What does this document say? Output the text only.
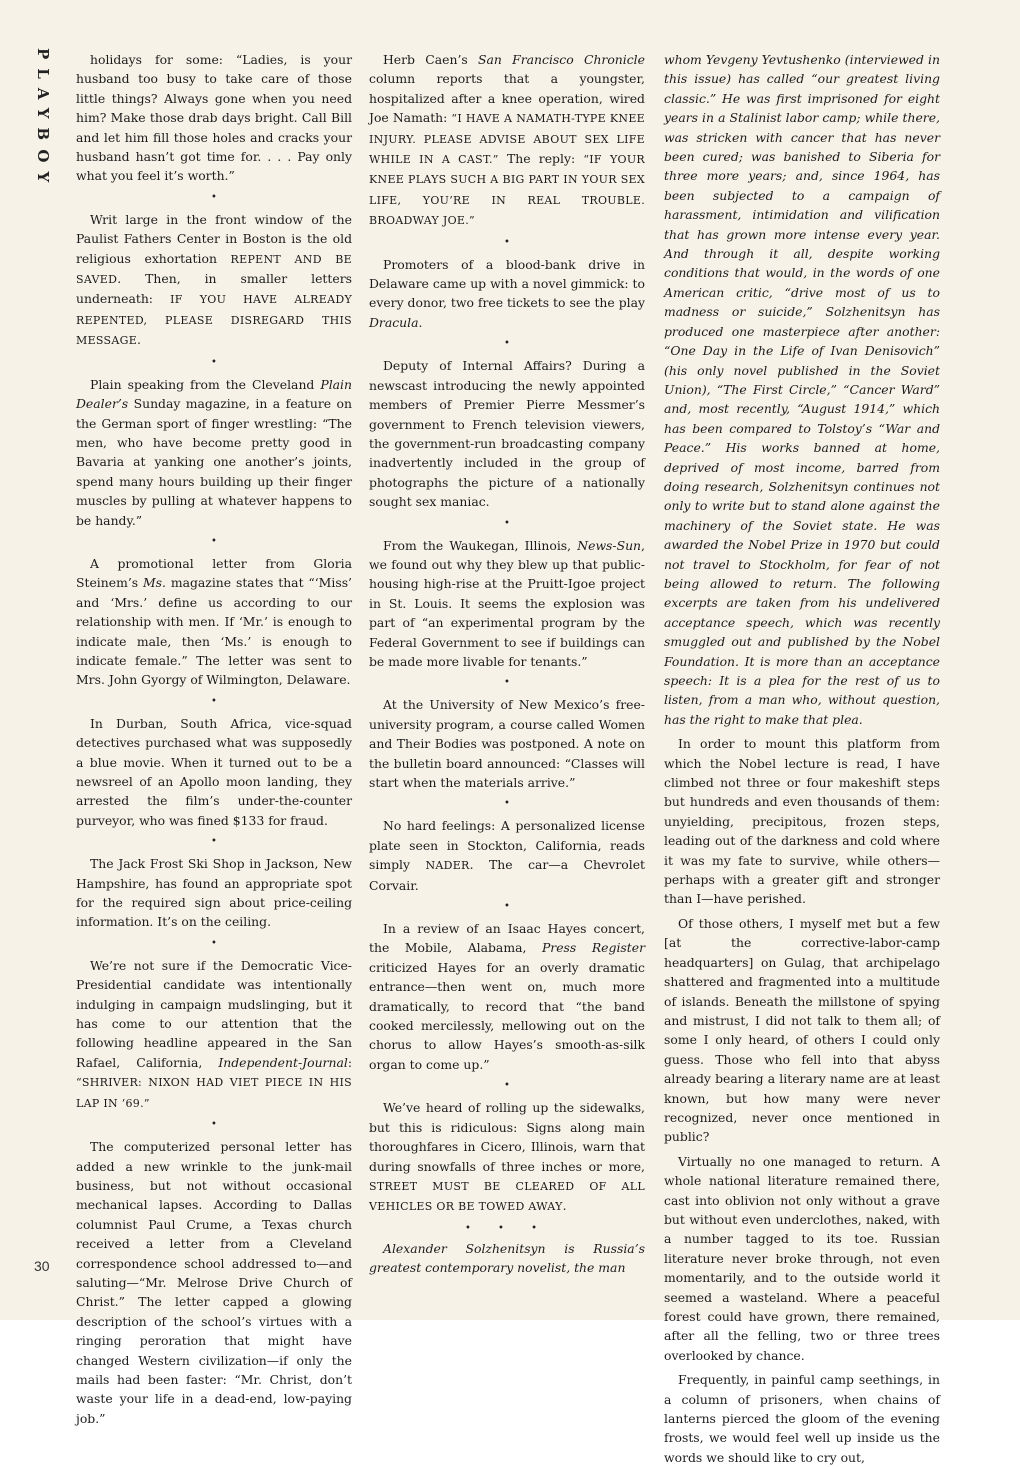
PLAYBOY	holidays for some: “Ladies, is your husband too busy to take care of those little things? Always gone when you need him? Make those drab days bright. Call Bill and let him fill those holes and cracks your husband hasn’t got time for. . . . Pay only what you feel it’s worth.”

•

Writ large in the front window of the Paulist Fathers Center in Boston is the old religious exhortation REPENT AND BE SAVED. Then, in smaller letters underneath: IF YOU HAVE ALREADY REPENTED, PLEASE DISREGARD THIS MESSAGE.

•

Plain speaking from the Cleveland Plain Dealer’s Sunday magazine, in a feature on the German sport of finger wrestling: “The men, who have become pretty good in Bavaria at yanking one another’s joints, spend many hours building up their finger muscles by pulling at whatever happens to be handy.”

•

A promotional letter from Gloria Steinem’s Ms. magazine states that “‘Miss’ and ‘Mrs.’ define us according to our relationship with men. If ‘Mr.’ is enough to indicate male, then ‘Ms.’ is enough to indicate female.” The letter was sent to Mrs. John Gyorgy of Wilmington, Delaware.

•

In Durban, South Africa, vice-squad detectives purchased what was supposedly a blue movie. When it turned out to be a newsreel of an Apollo moon landing, they arrested the film’s under-the-counter purveyor, who was fined $133 for fraud.

•

The Jack Frost Ski Shop in Jackson, New Hampshire, has found an appropriate spot for the required sign about price-ceiling information. It’s on the ceiling.

•

We’re not sure if the Democratic Vice-Presidential candidate was intentionally indulging in campaign mudslinging, but it has come to our attention that the following headline appeared in the San Rafael, California, Independent-Journal: “SHRIVER: NIXON HAD VIET PIECE IN HIS LAP IN ’69.”

•

The computerized personal letter has added a new wrinkle to the junk-mail business, but not without occasional mechanical lapses. According to Dallas columnist Paul Crume, a Texas church received a letter from a Cleveland correspondence school addressed to—and saluting—“Mr. Melrose Drive Church of Christ.” The letter capped a glowing description of the school’s virtues with a ringing peroration that might have changed Western civilization—if only the mails had been faster: “Mr. Christ, don’t waste your life in a dead-end, low-paying job.”

Herb Caen’s San Francisco Chronicle column reports that a youngster, hospitalized after a knee operation, wired Joe Namath: “I HAVE A NAMATH-TYPE KNEE INJURY. PLEASE ADVISE ABOUT SEX LIFE WHILE IN A CAST.” The reply: “IF YOUR KNEE PLAYS SUCH A BIG PART IN YOUR SEX LIFE, YOU’RE IN REAL TROUBLE. BROADWAY JOE.”

•

Promoters of a blood-bank drive in Delaware came up with a novel gimmick: to every donor, two free tickets to see the play Dracula.

•

Deputy of Internal Affairs? During a newscast introducing the newly appointed members of Premier Pierre Messmer’s government to French television viewers, the government-run broadcasting company inadvertently included in the group of photographs the picture of a nationally sought sex maniac.

•

From the Waukegan, Illinois, News-Sun, we found out why they blew up that public-housing high-rise at the Pruitt-Igoe project in St. Louis. It seems the explosion was part of “an experimental program by the Federal Government to see if buildings can be made more livable for tenants.”

•

At the University of New Mexico’s free-university program, a course called Women and Their Bodies was postponed. A note on the bulletin board announced: “Classes will start when the materials arrive.”

•

No hard feelings: A personalized license plate seen in Stockton, California, reads simply NADER. The car—a Chevrolet Corvair.

•

In a review of an Isaac Hayes concert, the Mobile, Alabama, Press Register criticized Hayes for an overly dramatic entrance—then went on, much more dramatically, to record that “the band cooked mercilessly, mellowing out on the chorus to allow Hayes’s smooth-as-silk organ to come up.”

•

We’ve heard of rolling up the sidewalks, but this is ridiculous: Signs along main thoroughfares in Cicero, Illinois, warn that during snowfalls of three inches or more, STREET MUST BE CLEARED OF ALL VEHICLES OR BE TOWED AWAY.

• • •

Alexander Solzhenitsyn is Russia’s greatest contemporary novelist, the man

whom Yevgeny Yevtushenko (interviewed in this issue) has called “our greatest living classic.” He was first imprisoned for eight years in a Stalinist labor camp; while there, was stricken with cancer that has never been cured; was banished to Siberia for three more years; and, since 1964, has been subjected to a campaign of harassment, intimidation and vilification that has grown more intense every year. And through it all, despite working conditions that would, in the words of one American critic, “drive most of us to madness or suicide,” Solzhenitsyn has produced one masterpiece after another: “One Day in the Life of Ivan Denisovich” (his only novel published in the Soviet Union), “The First Circle,” “Cancer Ward” and, most recently, “August 1914,” which has been compared to Tolstoy’s “War and Peace.” His works banned at home, deprived of most income, barred from doing research, Solzhenitsyn continues not only to write but to stand alone against the machinery of the Soviet state. He was awarded the Nobel Prize in 1970 but could not travel to Stockholm, for fear of not being allowed to return. The following excerpts are taken from his undelivered acceptance speech, which was recently smuggled out and published by the Nobel Foundation. It is more than an acceptance speech: It is a plea for the rest of us to listen, from a man who, without question, has the right to make that plea.

In order to mount this platform from which the Nobel lecture is read, I have climbed not three or four makeshift steps but hundreds and even thousands of them: unyielding, precipitous, frozen steps, leading out of the darkness and cold where it was my fate to survive, while others—perhaps with a greater gift and stronger than I—have perished.

Of those others, I myself met but a few [at the corrective-labor-camp headquarters] on Gulag, that archipelago shattered and fragmented into a multitude of islands. Beneath the millstone of spying and mistrust, I did not talk to them all; of some I only heard, of others I could only guess. Those who fell into that abyss already bearing a literary name are at least known, but how many were never recognized, never once mentioned in public?

Virtually no one managed to return. A whole national literature remained there, cast into oblivion not only without a grave but without even underclothes, naked, with a number tagged to its toe. Russian literature never broke through, not even momentarily, and to the outside world it seemed a wasteland. Where a peaceful forest could have grown, there remained, after all the felling, two or three trees overlooked by chance.

Frequently, in painful camp seethings, in a column of prisoners, when chains of lanterns pierced the gloom of the evening frosts, we would feel well up inside us the words we should like to cry out,

30
